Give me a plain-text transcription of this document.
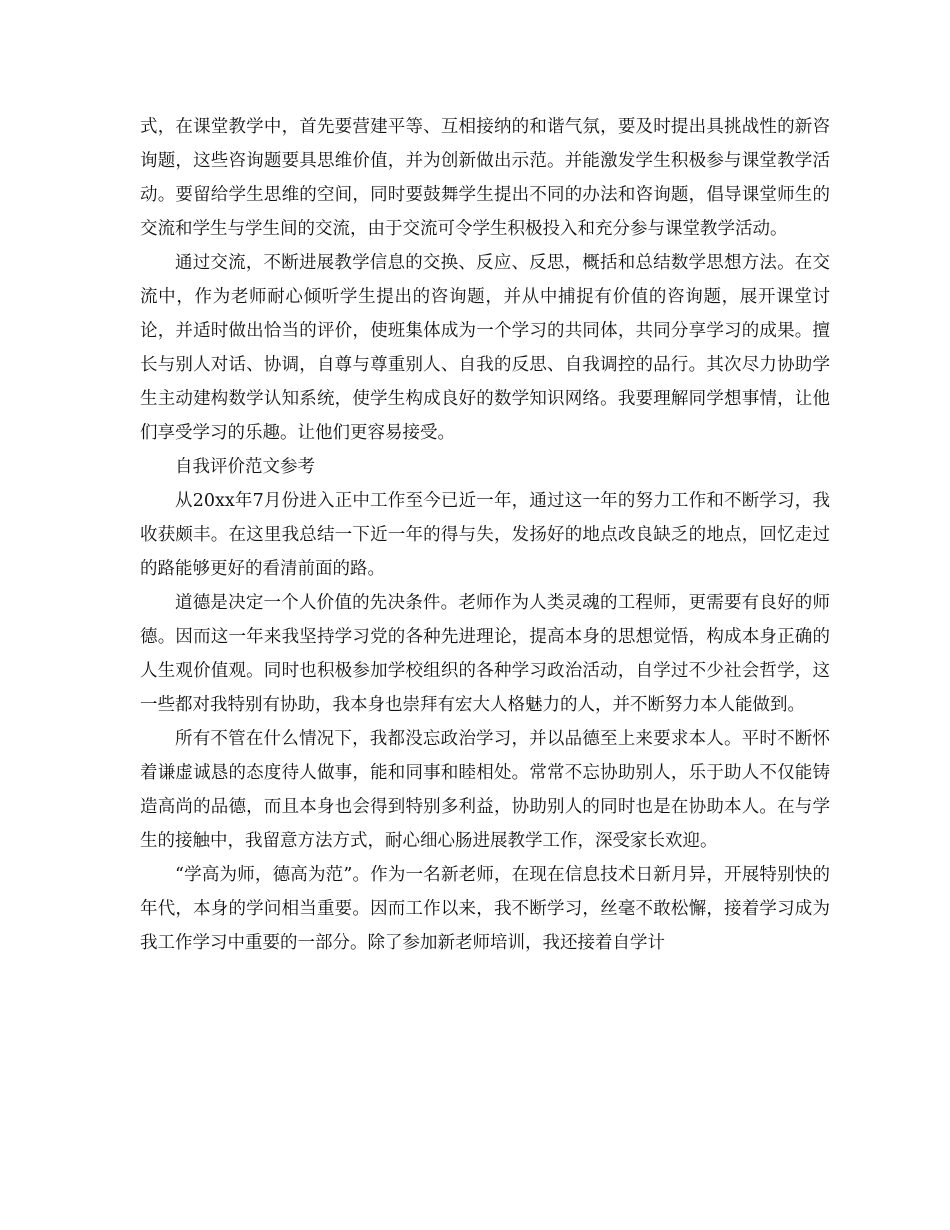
式，在课堂教学中，首先要营建平等、互相接纳的和谐气氛，要及时提出具挑战性的新咨询题，这些咨询题要具思维价值，并为创新做出示范。并能激发学生积极参与课堂教学活动。要留给学生思维的空间，同时要鼓舞学生提出不同的办法和咨询题，倡导课堂师生的交流和学生与学生间的交流，由于交流可令学生积极投入和充分参与课堂教学活动。

通过交流，不断进展教学信息的交换、反应、反思，概括和总结数学思想方法。在交流中，作为老师耐心倾听学生提出的咨询题，并从中捕捉有价值的咨询题，展开课堂讨论，并适时做出恰当的评价，使班集体成为一个学习的共同体，共同分享学习的成果。擅长与别人对话、协调，自尊与尊重别人、自我的反思、自我调控的品行。其次尽力协助学生主动建构数学认知系统，使学生构成良好的数学知识网络。我要理解同学想事情，让他们享受学习的乐趣。让他们更容易接受。

自我评价范文参考

从20xx年7月份进入正中工作至今已近一年，通过这一年的努力工作和不断学习，我收获颇丰。在这里我总结一下近一年的得与失，发扬好的地点改良缺乏的地点，回忆走过的路能够更好的看清前面的路。

道德是决定一个人价值的先决条件。老师作为人类灵魂的工程师，更需要有良好的师德。因而这一年来我坚持学习党的各种先进理论，提高本身的思想觉悟，构成本身正确的人生观价值观。同时也积极参加学校组织的各种学习政治活动，自学过不少社会哲学，这一些都对我特别有协助，我本身也崇拜有宏大人格魅力的人，并不断努力本人能做到。

所有不管在什么情况下，我都没忘政治学习，并以品德至上来要求本人。平时不断怀着谦虚诚恳的态度待人做事，能和同事和睦相处。常常不忘协助别人，乐于助人不仅能铸造高尚的品德，而且本身也会得到特别多利益，协助别人的同时也是在协助本人。在与学生的接触中，我留意方法方式，耐心细心肠进展教学工作，深受家长欢迎。

“学高为师，德高为范”。作为一名新老师，在现在信息技术日新月异，开展特别快的年代，本身的学问相当重要。因而工作以来，我不断学习，丝毫不敢松懈，接着学习成为我工作学习中重要的一部分。除了参加新老师培训，我还接着自学计
